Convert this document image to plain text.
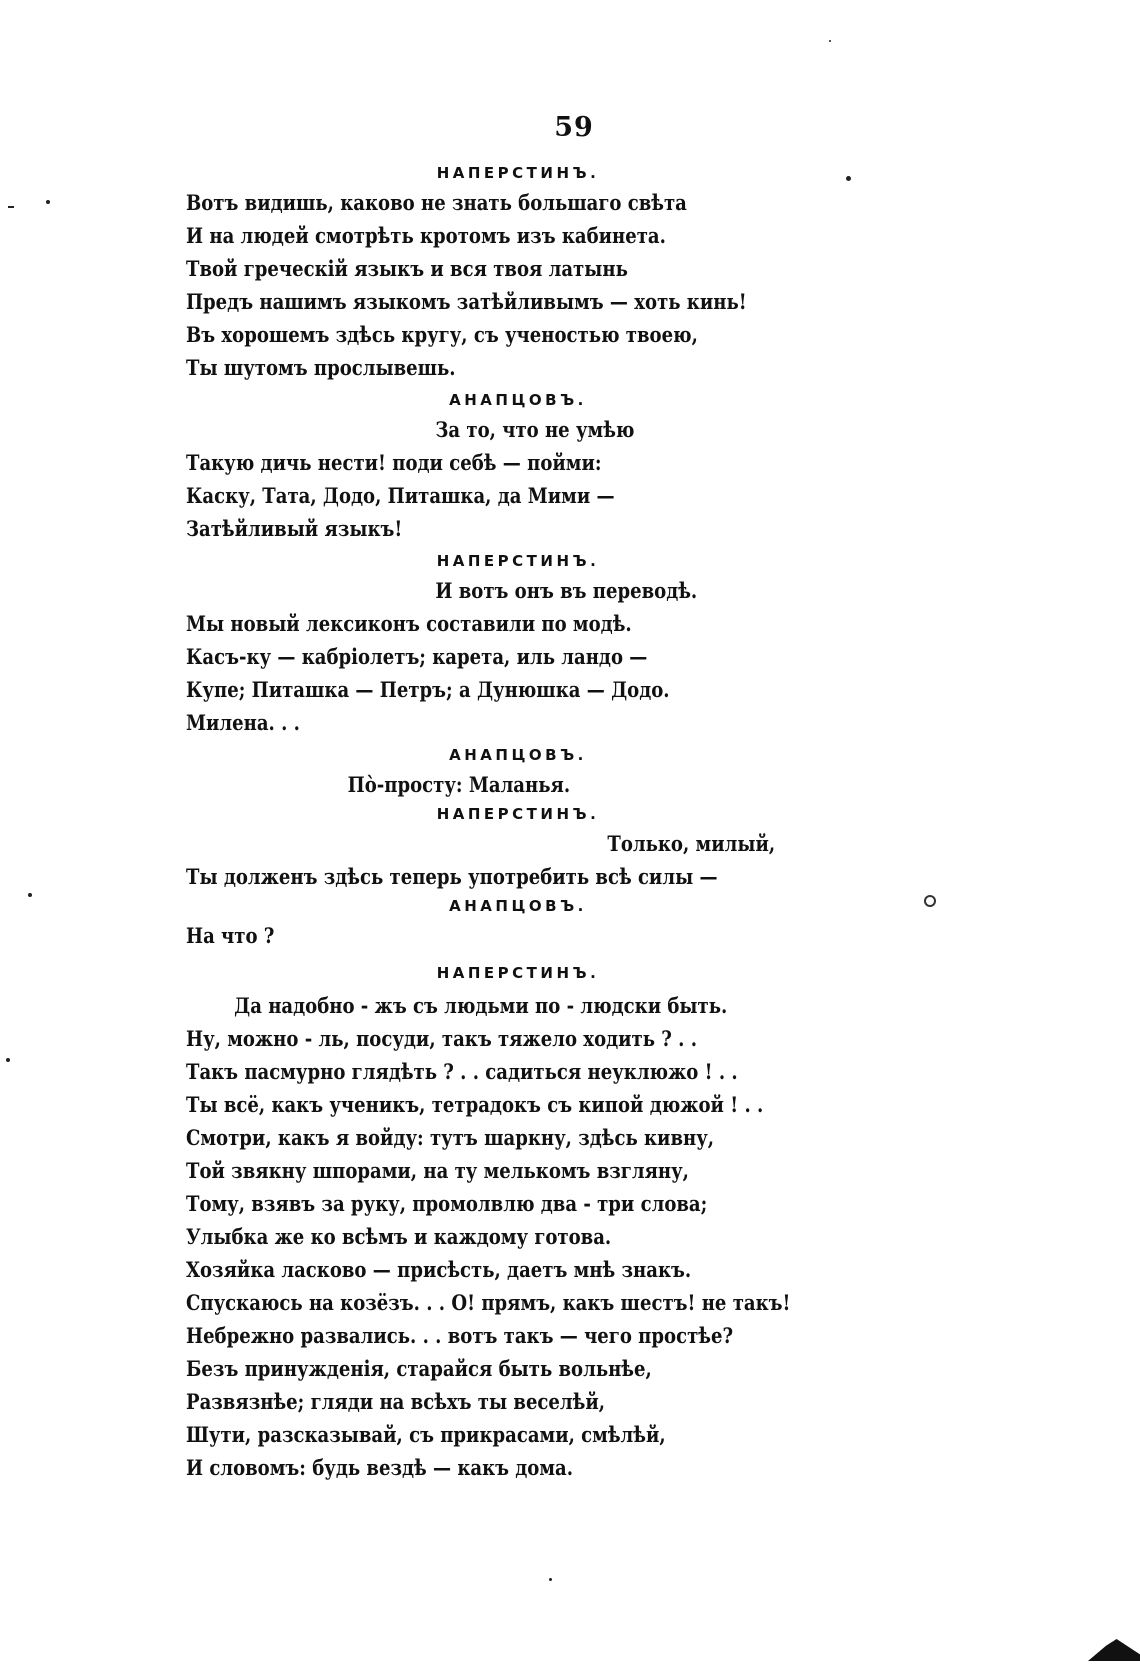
59
НАПЕРСТИНЪ.
Вотъ видишь, каково не знать большаго свѣта
И на людей смотрѣть кротомъ изъ кабинета.
Твой греческій языкъ и вся твоя латынь
Предъ нашимъ языкомъ затѣйливымъ — хоть кинь!
Въ хорошемъ здѣсь кругу, съ ученостью твоею,
Ты шутомъ прослывешь.
АНАПЦОВЪ.
За то, что не умѣю
Такую дичь нести! поди себѣ — пойми:
Каску, Тата, Додо, Питашка, да Мими —
Затѣйливый языкъ!
НАПЕРСТИНЪ.
И вотъ онъ въ переводѣ.
Мы новый лексиконъ составили по модѣ.
Касъ-ку — кабріолетъ; карета, иль ландо —
Купе; Питашка — Петръ; а Дунюшка — Додо.
Милена. . .
АНАПЦОВЪ.
Пò-просту: Маланья.
НАПЕРСТИНЪ.
Только, милый,
Ты долженъ здѣсь теперь употребить всѣ силы —
АНАПЦОВЪ.
На что ?
НАПЕРСТИНЪ.
Да надобно - жъ съ людьми по - людски быть.
Ну, можно - ль, посуди, такъ тяжело ходить ? . .
Такъ пасмурно глядѣть ? . . садиться неуклюжо ! . .
Ты всё, какъ ученикъ, тетрадокъ съ кипой дюжой ! . .
Смотри, какъ я войду: тутъ шаркну, здѣсь кивну,
Той звякну шпорами, на ту мелькомъ взгляну,
Тому, взявъ за руку, промолвлю два - три слова;
Улыбка же ко всѣмъ и каждому готова.
Хозяйка ласково — присѣсть, даетъ мнѣ знакъ.
Спускаюсь на козёзъ. . . О! прямъ, какъ шестъ! не такъ!
Небрежно развались. . . вотъ такъ — чего простѣе?
Безъ принужденія, старайся быть вольнѣе,
Развязнѣе; гляди на всѣхъ ты веселѣй,
Шути, разсказывай, съ прикрасами, смѣлѣй,
И словомъ: будь вездѣ — какъ дома.
